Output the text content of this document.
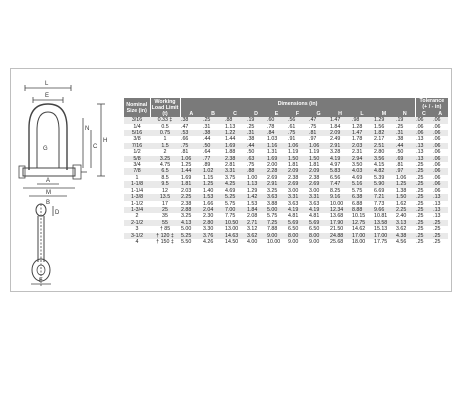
L
E
N
C
H
G
A
M
B
D
F
Nominal Size (in)	Working Load Limit (t)	Dimensions (in)											Tolerance (+ / - in)	
		A	B	C	D	E	F	G	H	L	M	N	C	A
3/16	0.33 ‡	.38	.25	.88	.19	.60	.56	.47	1.47	.98	1.29	.19	.06	.06
1/4	0.5	.47	.31	1.13	.25	.78	.61	.75	1.84	1.28	1.56	.25	.06	.06
5/16	0.75	.53	.38	1.22	.31	.84	.75	.81	2.09	1.47	1.82	.31	.06	.06
3/8	1	.66	.44	1.44	.38	1.03	.91	.97	2.49	1.78	2.17	.38	.13	.06
7/16	1.5	.75	.50	1.69	.44	1.16	1.06	1.06	2.91	2.03	2.51	.44	.13	.06
1/2	2	.81	.64	1.88	.50	1.31	1.19	1.19	3.28	2.31	2.80	.50	.13	.06
5/8	3.25	1.06	.77	2.38	.63	1.69	1.50	1.50	4.19	2.94	3.56	.69	.13	.06
3/4	4.75	1.25	.89	2.81	.75	2.00	1.81	1.81	4.97	3.50	4.15	.81	.25	.06
7/8	6.5	1.44	1.02	3.31	.88	2.28	2.09	2.09	5.83	4.03	4.82	.97	.25	.06
1	8.5	1.69	1.15	3.75	1.00	2.69	2.38	2.38	6.56	4.69	5.39	1.06	.25	.06
1-1/8	9.5	1.81	1.25	4.25	1.13	2.91	2.69	2.69	7.47	5.16	5.90	1.25	.25	.06
1-1/4	12	2.03	1.40	4.69	1.29	3.25	3.00	3.00	8.25	5.75	6.69	1.38	.25	.06
1-3/8	13.5	2.25	1.53	5.25	1.42	3.63	3.31	3.31	9.16	6.38	7.21	1.50	.25	.13
1-1/2	17	2.38	1.66	5.75	1.53	3.88	3.63	3.63	10.00	6.88	7.73	1.62	.25	.13
1-3/4	25	2.88	2.04	7.00	1.84	5.00	4.19	4.19	12.34	8.88	9.66	2.25	.25	.13
2	35	3.25	2.30	7.75	2.08	5.75	4.81	4.81	13.68	10.15	10.81	2.40	.25	.13
2-1/2	55	4.13	2.80	10.50	2.71	7.25	5.69	5.69	17.90	12.75	13.58	3.13	.25	.25
3	† 85	5.00	3.30	13.00	3.12	7.88	6.50	6.50	21.50	14.62	15.13	3.62	.25	.25
3-1/2	† 120 ‡	5.25	3.76	14.63	3.62	9.00	8.00	8.00	24.88	17.00	17.00	4.38	.25	.25
4	† 150 ‡	5.50	4.26	14.50	4.00	10.00	9.00	9.00	25.68	18.00	17.75	4.56	.25	.25
